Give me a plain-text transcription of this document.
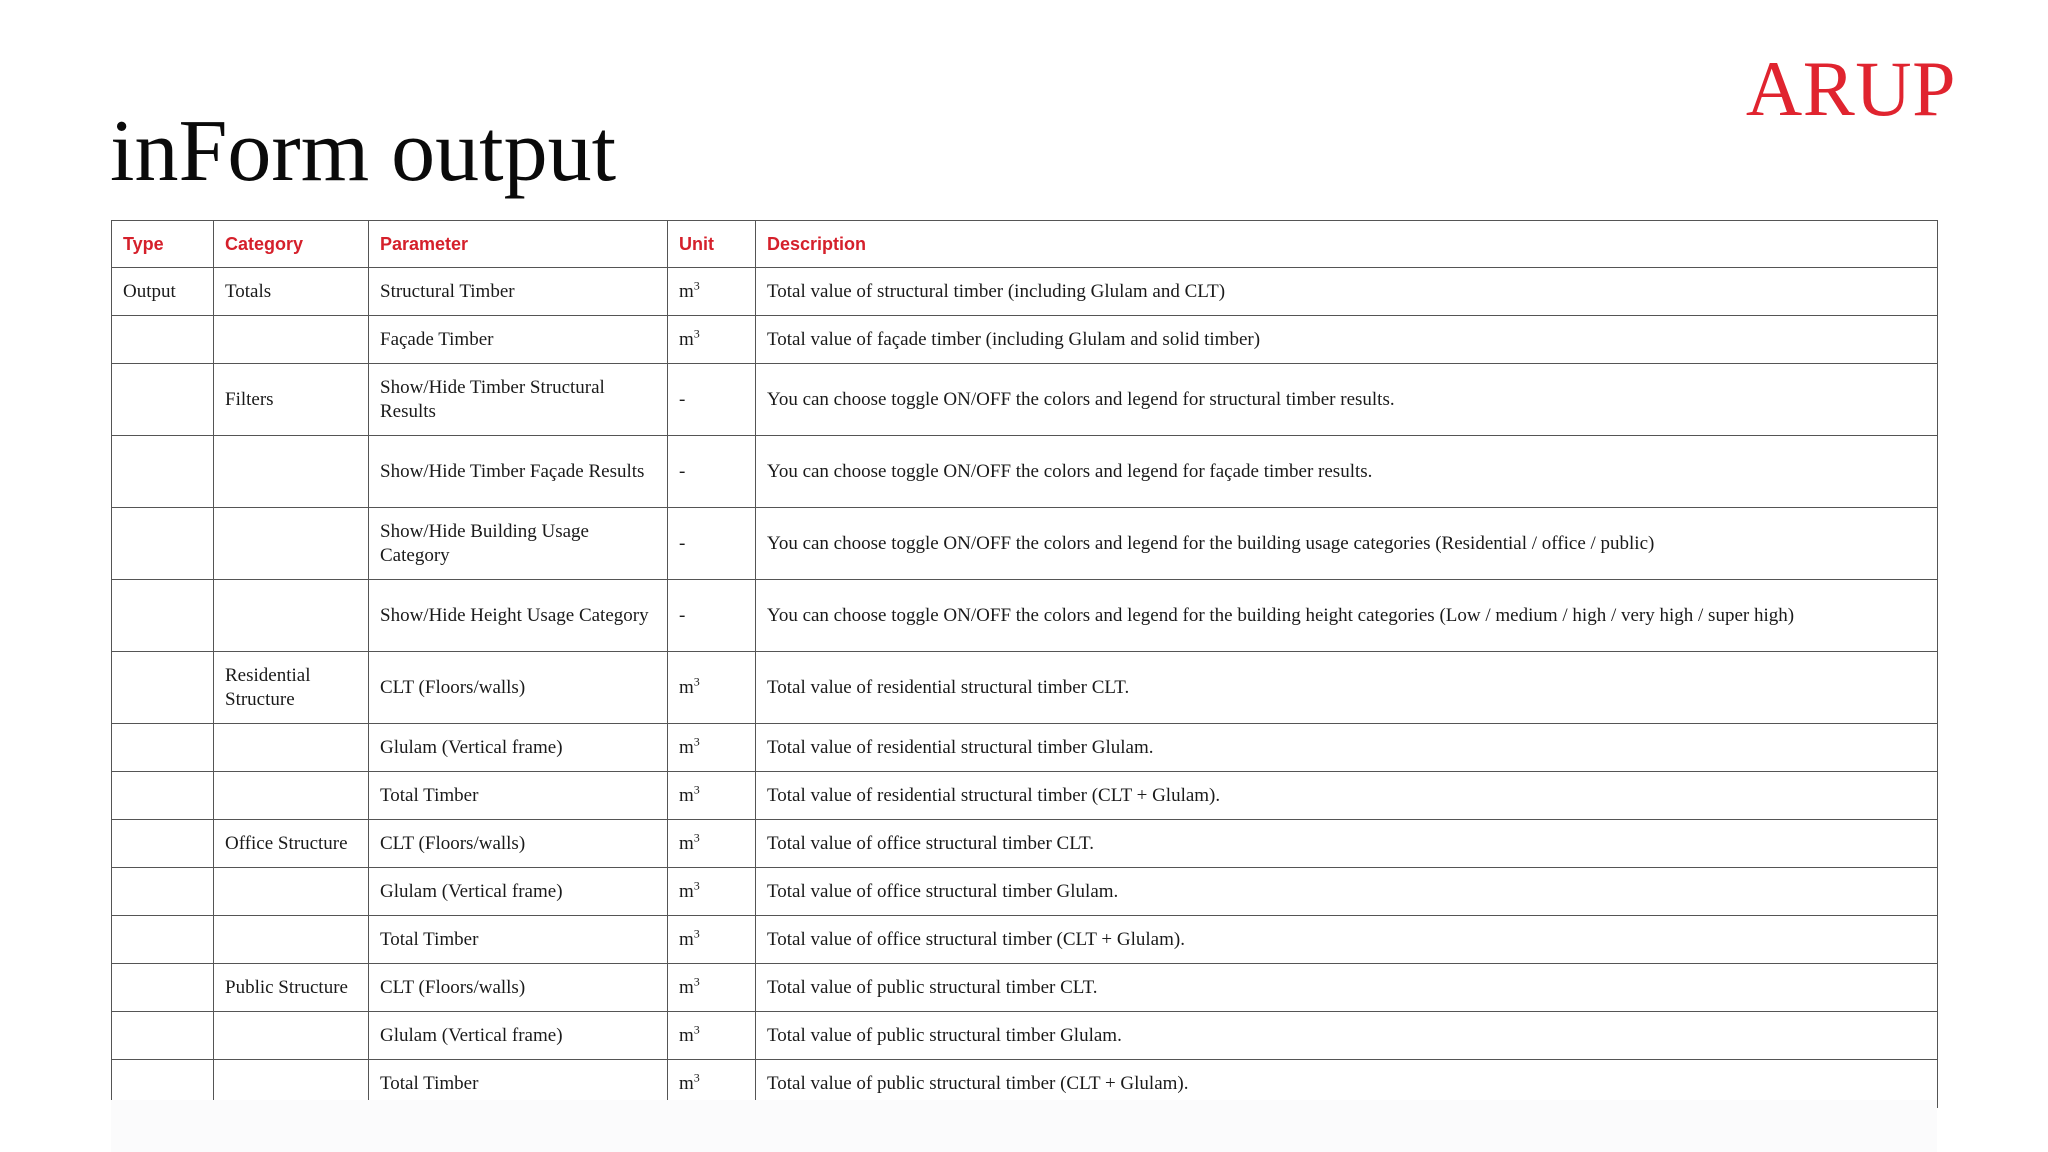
ARUP
inForm output
Type	Category	Parameter	Unit	Description
Output	Totals	Structural Timber	$m^3$	Total value of structural timber (including Glulam and CLT)
		Façade Timber	$m^3$	Total value of façade timber (including Glulam and solid timber)
	Filters	Show/Hide Timber Structural Results	-	You can choose toggle ON/OFF the colors and legend for structural timber results.
		Show/Hide Timber Façade Results	-	You can choose toggle ON/OFF the colors and legend for façade timber results.
		Show/Hide Building Usage Category	-	You can choose toggle ON/OFF the colors and legend for the building usage categories (Residential / office / public)
		Show/Hide Height Usage Category	-	You can choose toggle ON/OFF the colors and legend for the building height categories (Low / medium / high / very high / super high)
	Residential Structure	CLT (Floors/walls)	$m^3$	Total value of residential structural timber CLT.
		Glulam (Vertical frame)	$m^3$	Total value of residential structural timber Glulam.
		Total Timber	$m^3$	Total value of residential structural timber (CLT + Glulam).
	Office Structure	CLT (Floors/walls)	$m^3$	Total value of office structural timber CLT.
		Glulam (Vertical frame)	$m^3$	Total value of office structural timber Glulam.
		Total Timber	$m^3$	Total value of office structural timber (CLT + Glulam).
	Public Structure	CLT (Floors/walls)	$m^3$	Total value of public structural timber CLT.
		Glulam (Vertical frame)	$m^3$	Total value of public structural timber Glulam.
		Total Timber	$m^3$	Total value of public structural timber (CLT + Glulam).
